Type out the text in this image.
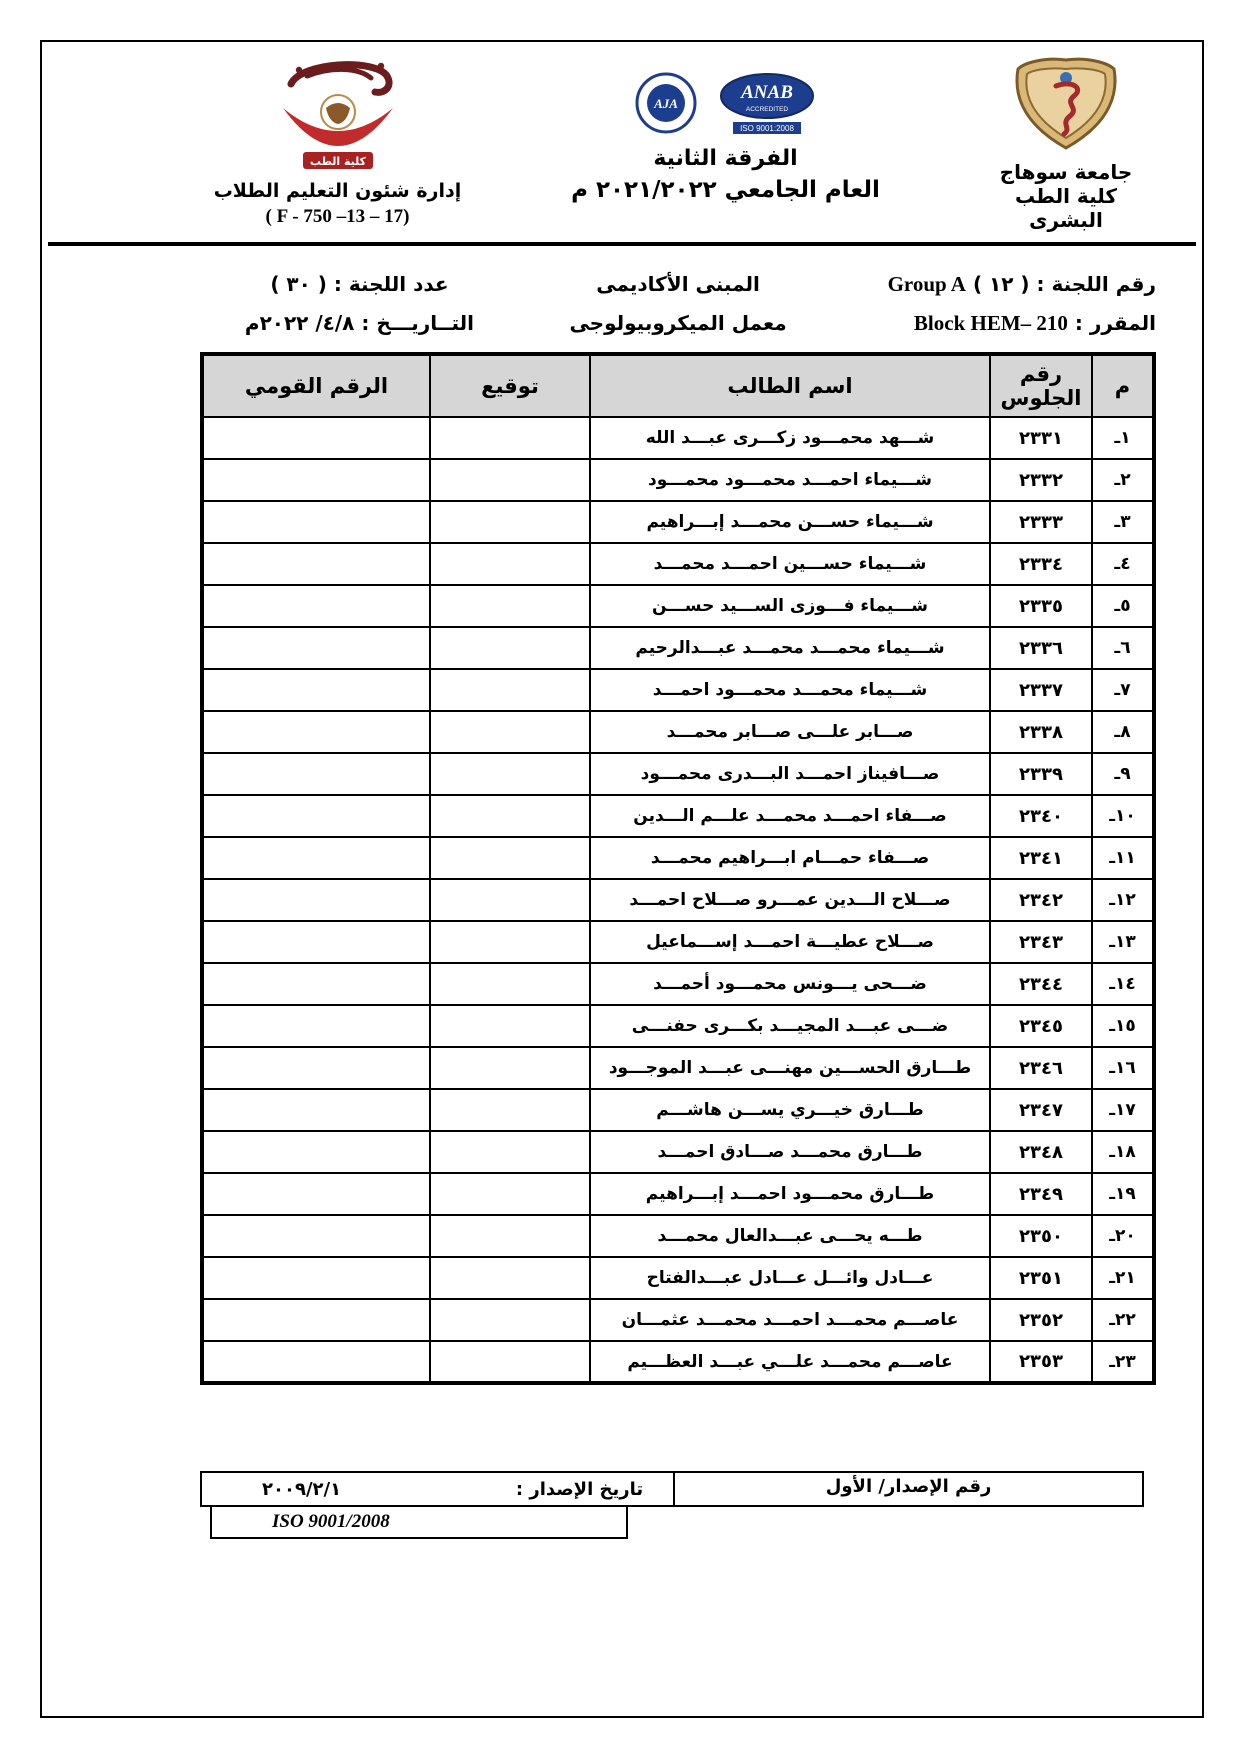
جامعة سوهاج
كلية الطب البشرى
ANAB
ACCREDITED
ISO 9001:2008
AJA
الفرقة الثانية
العام الجامعي ٢٠٢١/٢٠٢٢ م
كلية الطب
إدارة شئون التعليم الطلاب
( F - 750 –13 – 17)
رقم اللجنة : ( ١٢ ) Group A
المبنى الأكاديمى
عدد اللجنة : ( ٣٠ )
المقرر : Block HEM– 210
معمل الميكروبيولوجى
التــاريـــخ : ٤/٨/ ٢٠٢٢م
م	رقم الجلوس	اسم الطالب	توقيع	الرقم القومي
١ـ	٢٣٣١	شـــهد محمـــود زكـــرى عبـــد الله		
٢ـ	٢٣٣٢	شـــيماء احمـــد محمـــود محمـــود		
٣ـ	٢٣٣٣	شـــيماء حســـن محمـــد إبـــراهيم		
٤ـ	٢٣٣٤	شـــيماء حســـين احمـــد محمـــد		
٥ـ	٢٣٣٥	شـــيماء فـــوزى الســـيد حســـن		
٦ـ	٢٣٣٦	شـــيماء محمـــد محمـــد عبـــدالرحيم		
٧ـ	٢٣٣٧	شـــيماء محمـــد محمـــود احمـــد		
٨ـ	٢٣٣٨	صـــابر علـــى صـــابر محمـــد		
٩ـ	٢٣٣٩	صـــافيناز احمـــد البـــدرى محمـــود		
١٠ـ	٢٣٤٠	صـــفاء احمـــد محمـــد علـــم الـــدين		
١١ـ	٢٣٤١	صـــفاء حمـــام ابـــراهيم محمـــد		
١٢ـ	٢٣٤٢	صـــلاح الـــدين عمـــرو صـــلاح احمـــد		
١٣ـ	٢٣٤٣	صـــلاح عطيـــة احمـــد إســـماعيل		
١٤ـ	٢٣٤٤	ضـــحى يـــونس محمـــود أحمـــد		
١٥ـ	٢٣٤٥	ضـــى عبـــد المجيـــد بكـــرى حفنـــى		
١٦ـ	٢٣٤٦	طـــارق الحســـين مهنـــى عبـــد الموجـــود		
١٧ـ	٢٣٤٧	طـــارق خيـــري يســـن هاشـــم		
١٨ـ	٢٣٤٨	طـــارق محمـــد صـــادق احمـــد		
١٩ـ	٢٣٤٩	طـــارق محمـــود احمـــد إبـــراهيم		
٢٠ـ	٢٣٥٠	طـــه يحـــى عبـــدالعال محمـــد		
٢١ـ	٢٣٥١	عـــادل وائـــل عـــادل عبـــدالفتاح		
٢٢ـ	٢٣٥٢	عاصـــم محمـــد احمـــد محمـــد عثمـــان		
٢٣ـ	٢٣٥٣	عاصـــم محمـــد علـــي عبـــد العظـــيم		
رقم الإصدار/ الأول
تاريخ الإصدار :
٢٠٠٩/٢/١
ISO 9001/2008
